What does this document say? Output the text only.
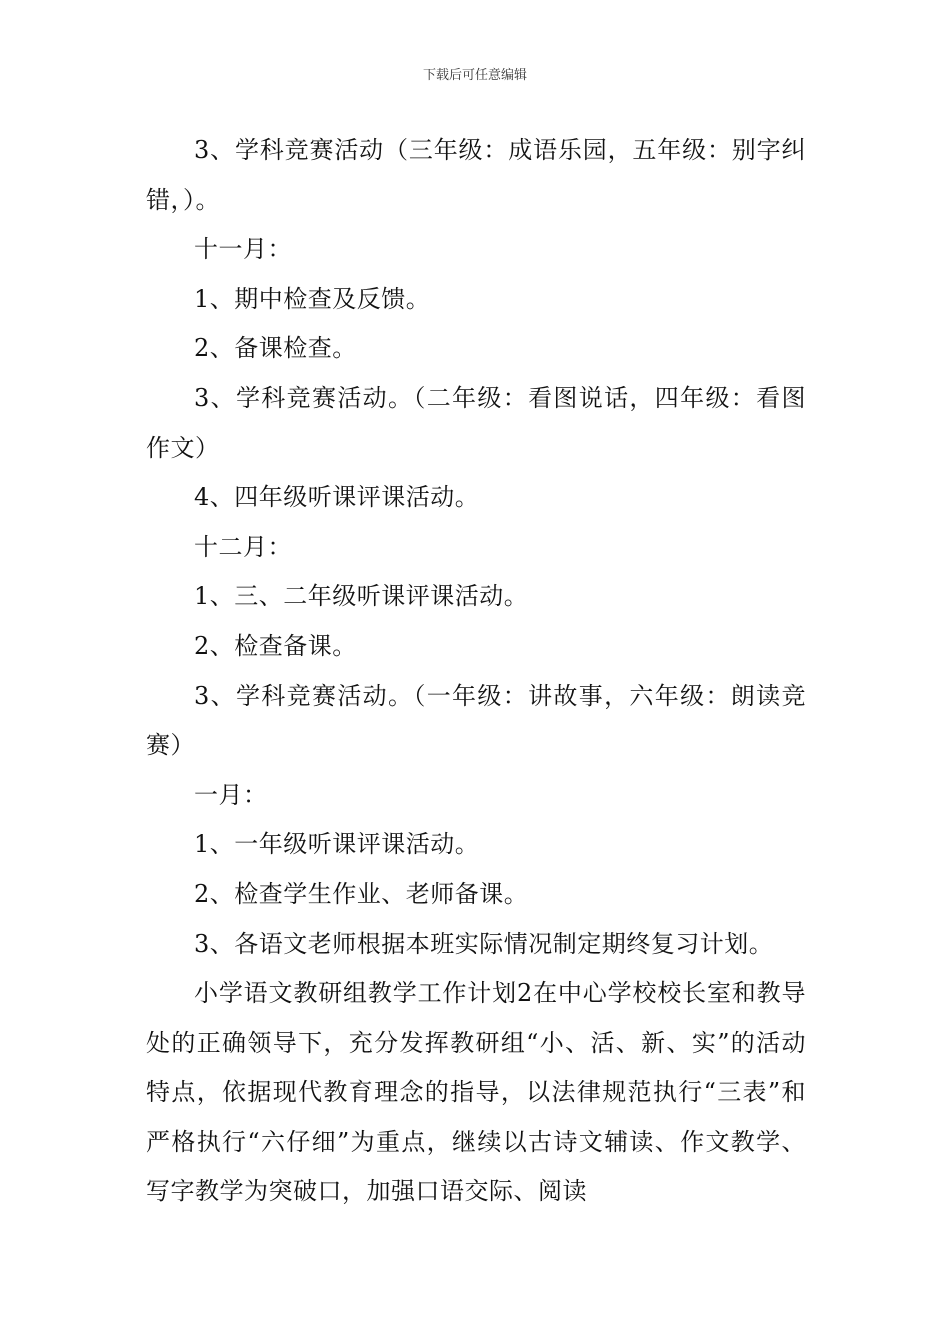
下载后可任意编辑

3、学科竞赛活动（三年级：成语乐园，五年级：别字纠错，）。

十一月：

1、期中检查及反馈。

2、备课检查。

3、学科竞赛活动。（二年级：看图说话，四年级：看图作文）

4、四年级听课评课活动。

十二月：

1、三、二年级听课评课活动。

2、检查备课。

3、学科竞赛活动。（一年级：讲故事，六年级：朗读竞赛）

一月：

1、一年级听课评课活动。

2、检查学生作业、老师备课。

3、各语文老师根据本班实际情况制定期终复习计划。

小学语文教研组教学工作计划2在中心学校校长室和教导处的正确领导下，充分发挥教研组“小、活、新、实”的活动特点，依据现代教育理念的指导，以法律规范执行“三表”和严格执行“六仔细”为重点，继续以古诗文辅读、作文教学、写字教学为突破口，加强口语交际、阅读
